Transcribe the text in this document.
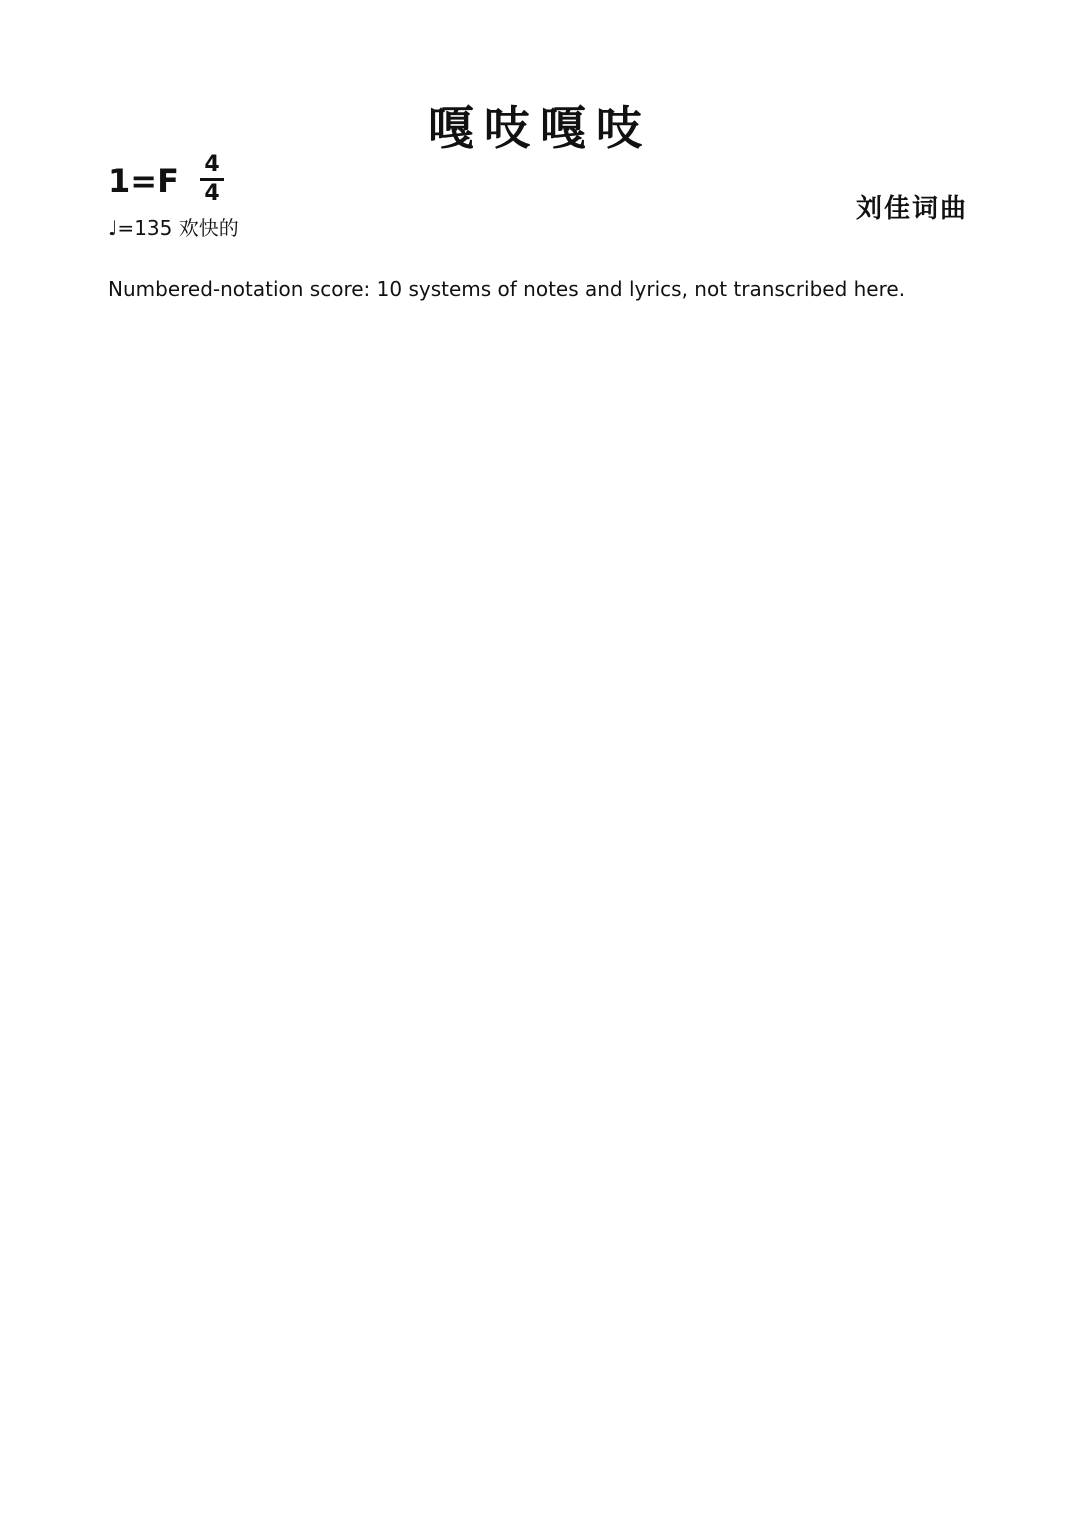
嘎吱嘎吱
1=F 4
4
♩=135 欢快的
刘佳词曲
Numbered-notation score: 10 systems of notes and lyrics, not transcribed here.
